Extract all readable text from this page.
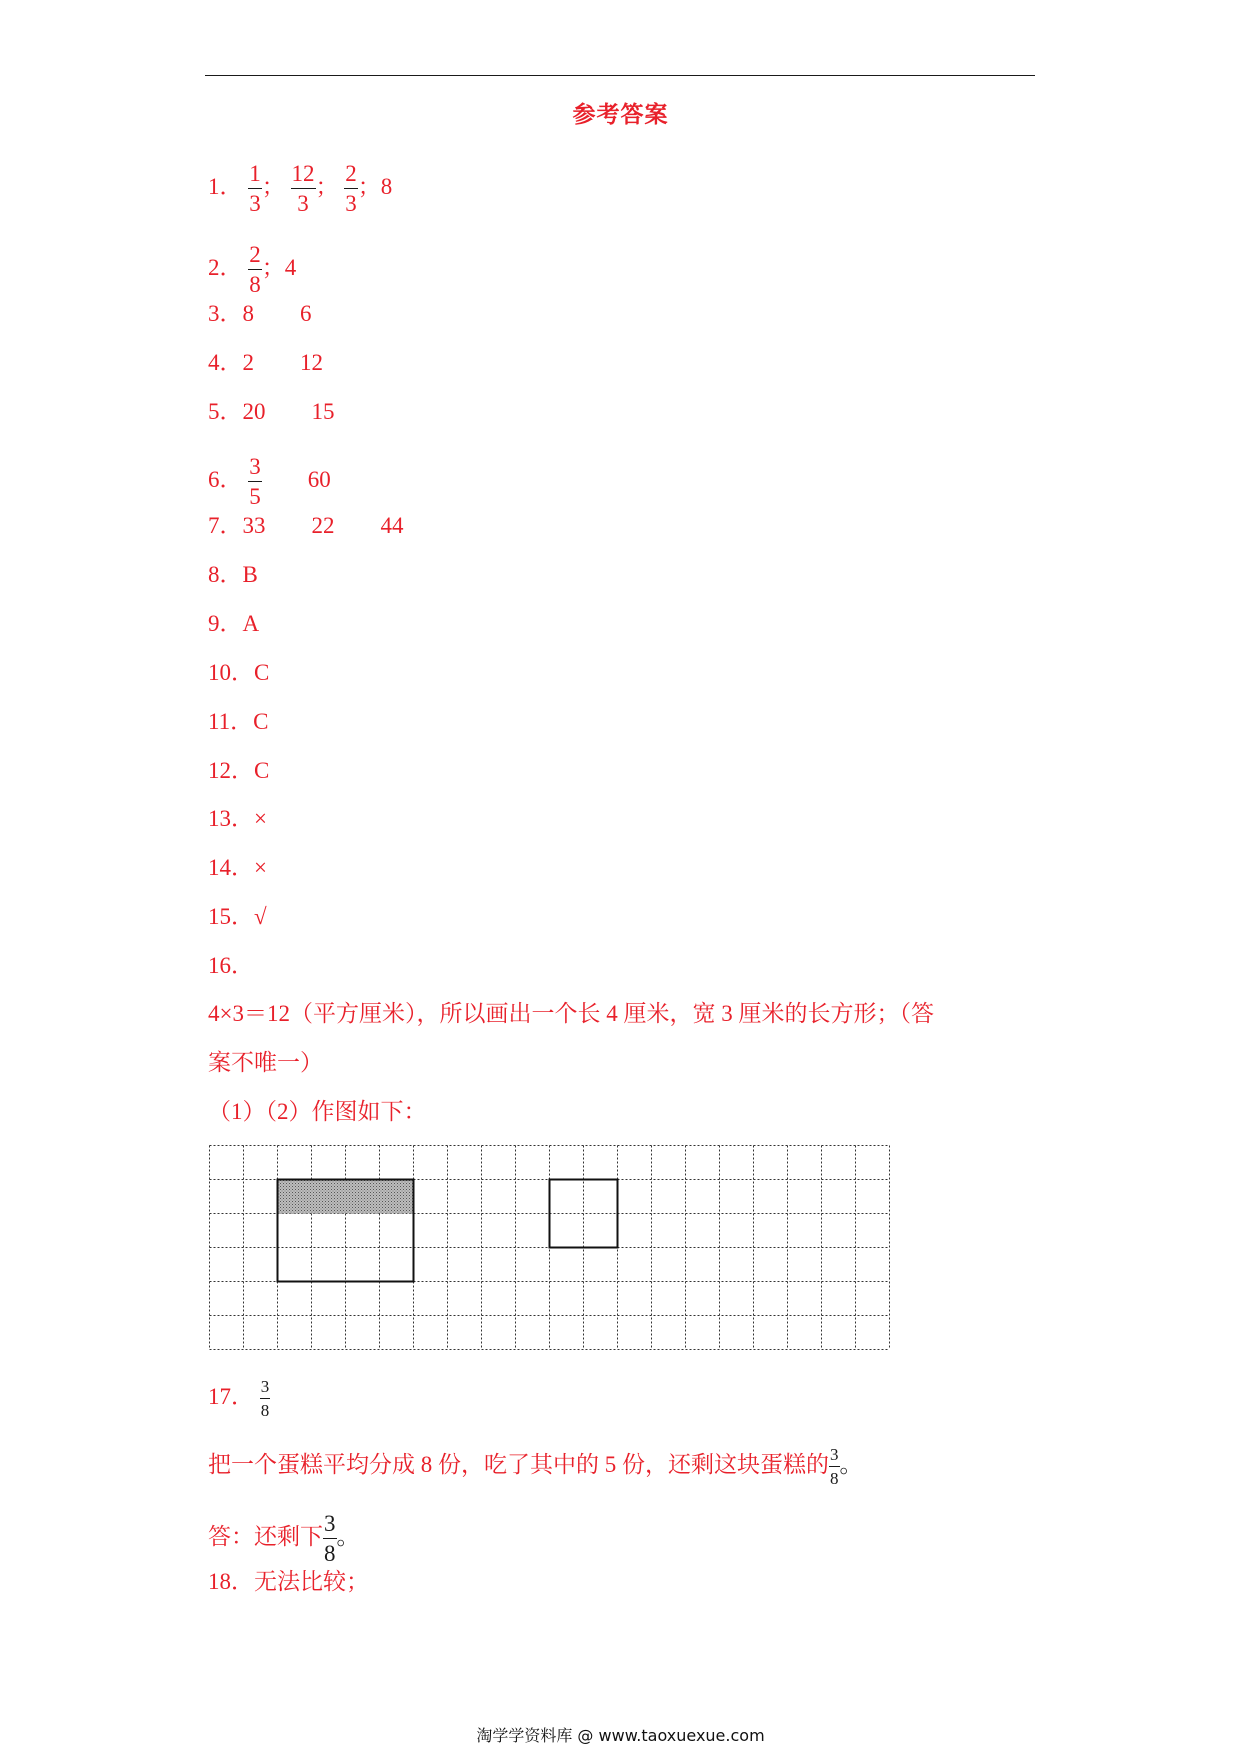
参考答案
1． $\frac{1}{3}$ ； $\frac{12}{3}$ ； $\frac{2}{3}$ ；8
2． $\frac{2}{8}$ ；4
3．8　　6
4．2　　12
5．20　　15
6． $\frac{3}{5}$ 　　60
7．33　　22　　44
8．B
9．A
10．C
11．C
12．C
13．×
14．×
15．√
16．
4×3＝12（平方厘米），所以画出一个长 4 厘米，宽 3 厘米的长方形；（答
案不唯一）
（1）（2）作图如下：
17． $\frac{3}{8}$
把一个蛋糕平均分成 8 份，吃了其中的 5 份，还剩这块蛋糕的 $\frac{3}{8}$ 。
答：还剩下 $\frac{3}{8}$ 。
18．无法比较；
淘学学资料库 @ www.taoxuexue.com
